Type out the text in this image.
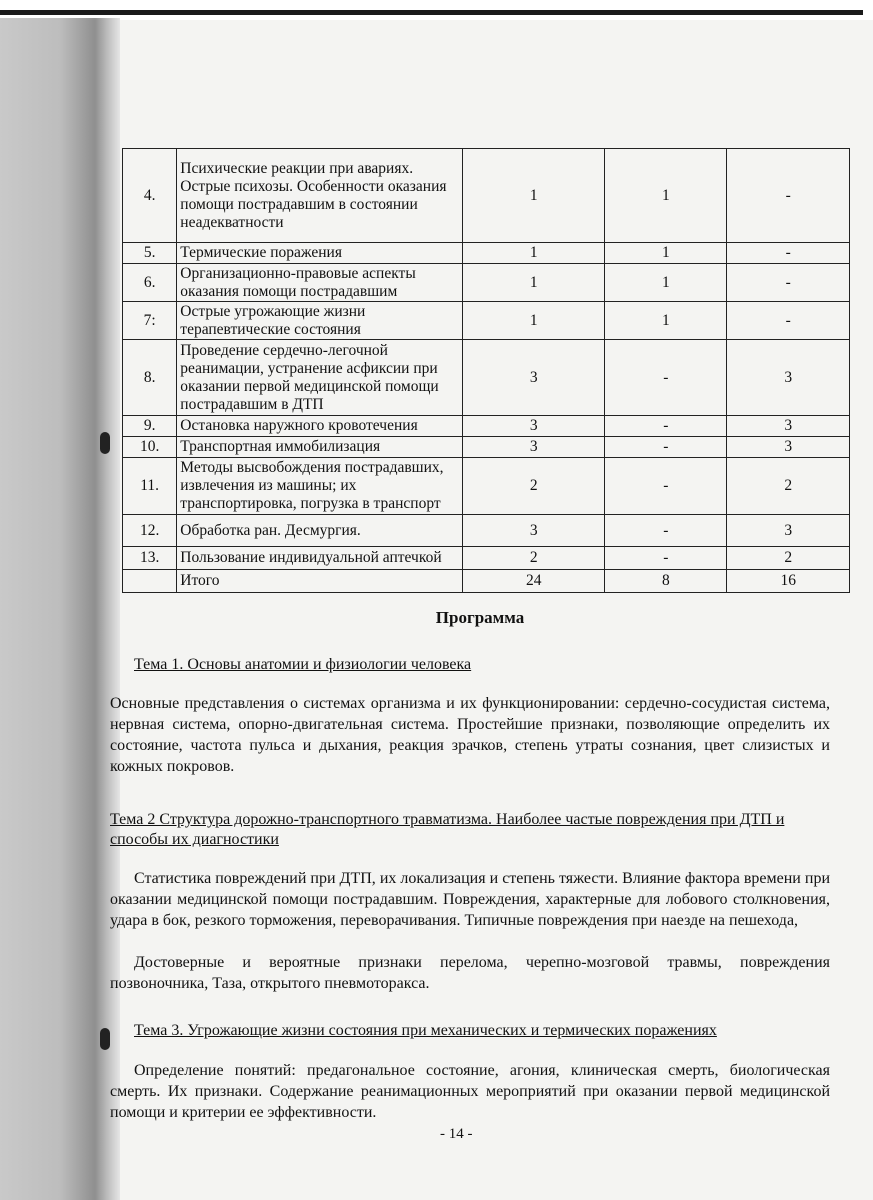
4.	Психические реакции при авариях. Острые психозы. Особенности оказания помощи пострадавшим в состоянии неадекватности	1	1	-
5.	Термические поражения	1	1	-
6.	Организационно-правовые аспекты оказания помощи пострадавшим	1	1	-
7:	Острые угрожающие жизни терапевтические состояния	1	1	-
8.	Проведение сердечно-легочной реанимации, устранение асфиксии при оказании первой медицинской помощи пострадавшим в ДТП	3	-	3
9.	Остановка наружного кровотечения	3	-	3
10.	Транспортная иммобилизация	3	-	3
11.	Методы высвобождения пострадавших, извлечения из машины; их транспортировка, погрузка в транспорт	2	-	2
12.	Обработка ран. Десмургия.	3	-	3
13.	Пользование индивидуальной аптечкой	2	-	2
	Итого	24	8	16
Программа
Тема 1. Основы анатомии и физиологии человека
Основные представления о системах организма и их функционировании: сердечно-сосудистая система, нервная система, опорно-двигательная система. Простейшие признаки, позволяющие определить их состояние, частота пульса и дыхания, реакция зрачков, степень утраты сознания, цвет слизистых и кожных покровов.
Тема 2 Структура дорожно-транспортного травматизма. Наиболее частые повреждения при ДТП и способы их диагностики
Статистика повреждений при ДТП, их локализация и степень тяжести. Влияние фактора времени при оказании медицинской помощи пострадавшим. Повреждения, характерные для лобового столкновения, удара в бок, резкого торможения, переворачивания. Типичные повреждения при наезде на пешехода,
Достоверные и вероятные признаки перелома, черепно-мозговой травмы, повреждения позвоночника, Таза, открытого пневмоторакса.
Тема 3. Угрожающие жизни состояния при механических и термических поражениях
Определение понятий: предагональное состояние, агония, клиническая смерть, биологическая смерть. Их признаки. Содержание реанимационных мероприятий при оказании первой медицинской помощи и критерии ее эффективности.
- 14 -
